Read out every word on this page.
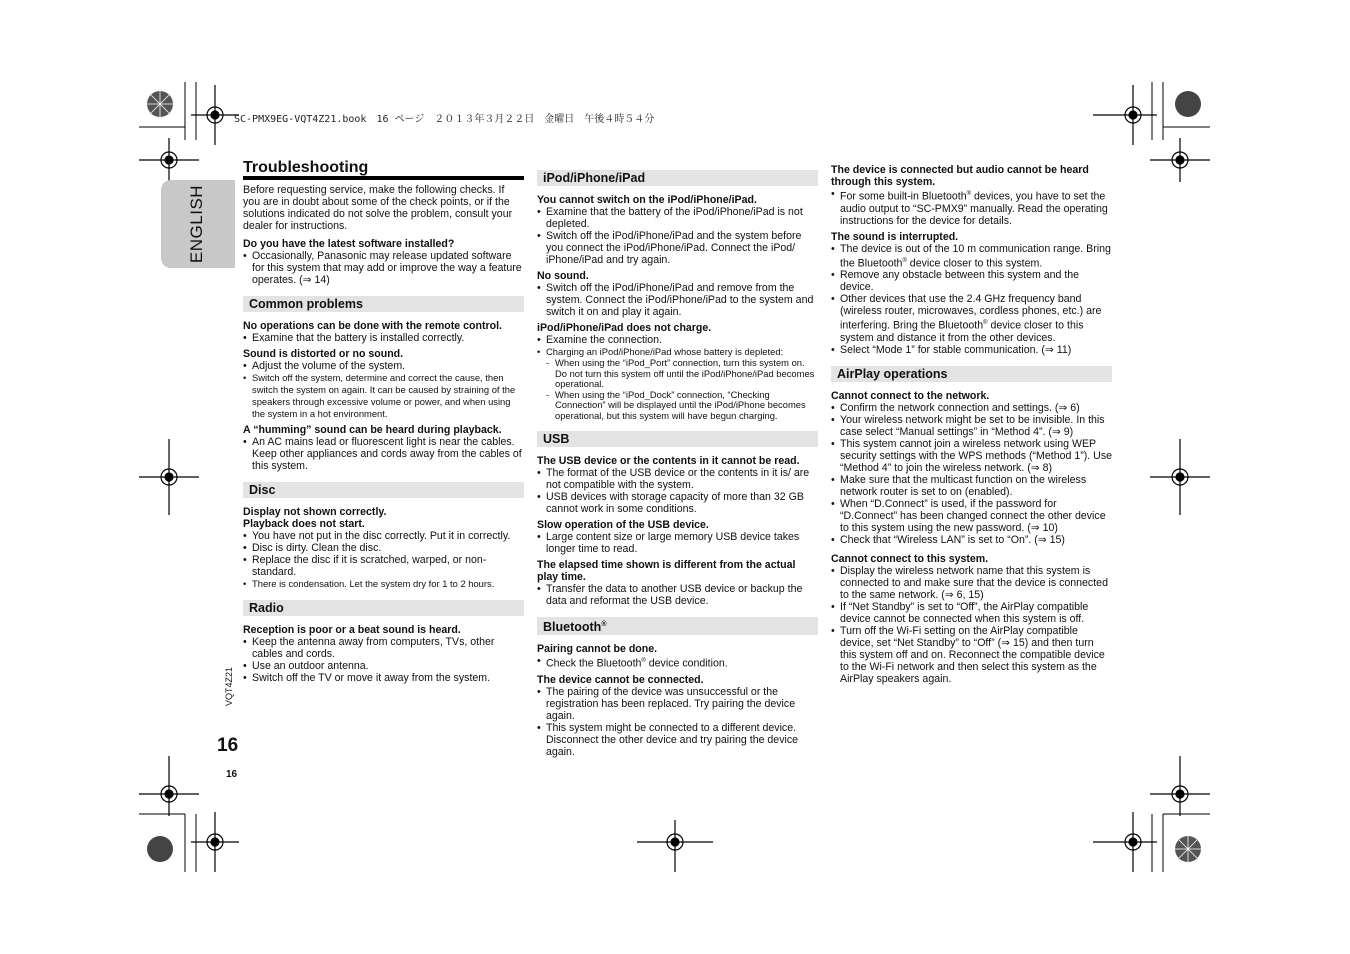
SC-PMX9EG-VQT4Z21.book　16 ページ　２０１３年３月２２日　金曜日　午後４時５４分
ENGLISH
VQT4Z21
16
16
Troubleshooting

Before requesting service, make the following checks. If you are in doubt about some of the check points, or if the solutions indicated do not solve the problem, consult your dealer for instructions.

Do you have the latest software installed?
• Occasionally, Panasonic may release updated software for this system that may add or improve the way a feature operates. (⇒ 14)
Common problems
No operations can be done with the remote control.
• Examine that the battery is installed correctly.
Sound is distorted or no sound.
• Adjust the volume of the system.
• Switch off the system, determine and correct the cause, then switch the system on again. It can be caused by straining of the speakers through excessive volume or power, and when using the system in a hot environment.
A “humming” sound can be heard during playback.
• An AC mains lead or fluorescent light is near the cables. Keep other appliances and cords away from the cables of this system.
Disc
Display not shown correctly.
Playback does not start.
• You have not put in the disc correctly. Put it in correctly.
• Disc is dirty. Clean the disc.
• Replace the disc if it is scratched, warped, or non-standard.
• There is condensation. Let the system dry for 1 to 2 hours.
Radio
Reception is poor or a beat sound is heard.
• Keep the antenna away from computers, TVs, other cables and cords.
• Use an outdoor antenna.
• Switch off the TV or move it away from the system.
iPod/iPhone/iPad
You cannot switch on the iPod/iPhone/iPad.
• Examine that the battery of the iPod/iPhone/iPad is not depleted.
• Switch off the iPod/iPhone/iPad and the system before you connect the iPod/iPhone/iPad. Connect the iPod/ iPhone/iPad and try again.
No sound.
• Switch off the iPod/iPhone/iPad and remove from the system. Connect the iPod/iPhone/iPad to the system and switch it on and play it again.
iPod/iPhone/iPad does not charge.
• Examine the connection.
• Charging an iPod/iPhone/iPad whose battery is depleted:
- When using the “iPod_Port” connection, turn this system on. Do not turn this system off until the iPod/iPhone/iPad becomes operational.
- When using the “iPod_Dock” connection, “Checking Connection” will be displayed until the iPod/iPhone becomes operational, but this system will have begun charging.
USB
The USB device or the contents in it cannot be read.
• The format of the USB device or the contents in it is/ are not compatible with the system.
• USB devices with storage capacity of more than 32 GB cannot work in some conditions.
Slow operation of the USB device.
• Large content size or large memory USB device takes longer time to read.
The elapsed time shown is different from the actual play time.
• Transfer the data to another USB device or backup the data and reformat the USB device.
Bluetooth®
Pairing cannot be done.
• Check the Bluetooth® device condition.
The device cannot be connected.
• The pairing of the device was unsuccessful or the registration has been replaced. Try pairing the device again.
• This system might be connected to a different device. Disconnect the other device and try pairing the device again.
The device is connected but audio cannot be heard through this system.
• For some built-in Bluetooth® devices, you have to set the audio output to “SC-PMX9” manually. Read the operating instructions for the device for details.
The sound is interrupted.
• The device is out of the 10 m communication range. Bring the Bluetooth® device closer to this system.
• Remove any obstacle between this system and the device.
• Other devices that use the 2.4 GHz frequency band (wireless router, microwaves, cordless phones, etc.) are interfering. Bring the Bluetooth® device closer to this system and distance it from the other devices.
• Select “Mode 1” for stable communication. (⇒ 11)
AirPlay operations
Cannot connect to the network.
• Confirm the network connection and settings. (⇒ 6)
• Your wireless network might be set to be invisible. In this case select “Manual settings” in “Method 4”. (⇒ 9)
• This system cannot join a wireless network using WEP security settings with the WPS methods (“Method 1”). Use “Method 4” to join the wireless network. (⇒ 8)
• Make sure that the multicast function on the wireless network router is set to on (enabled).
• When “D.Connect” is used, if the password for “D.Connect” has been changed connect the other device to this system using the new password. (⇒ 10)
• Check that “Wireless LAN” is set to “On”. (⇒ 15)
Cannot connect to this system.
• Display the wireless network name that this system is connected to and make sure that the device is connected to the same network. (⇒ 6, 15)
• If “Net Standby” is set to “Off”, the AirPlay compatible device cannot be connected when this system is off.
• Turn off the Wi-Fi setting on the AirPlay compatible device, set “Net Standby” to “Off” (⇒ 15) and then turn this system off and on. Reconnect the compatible device to the Wi-Fi network and then select this system as the AirPlay speakers again.
